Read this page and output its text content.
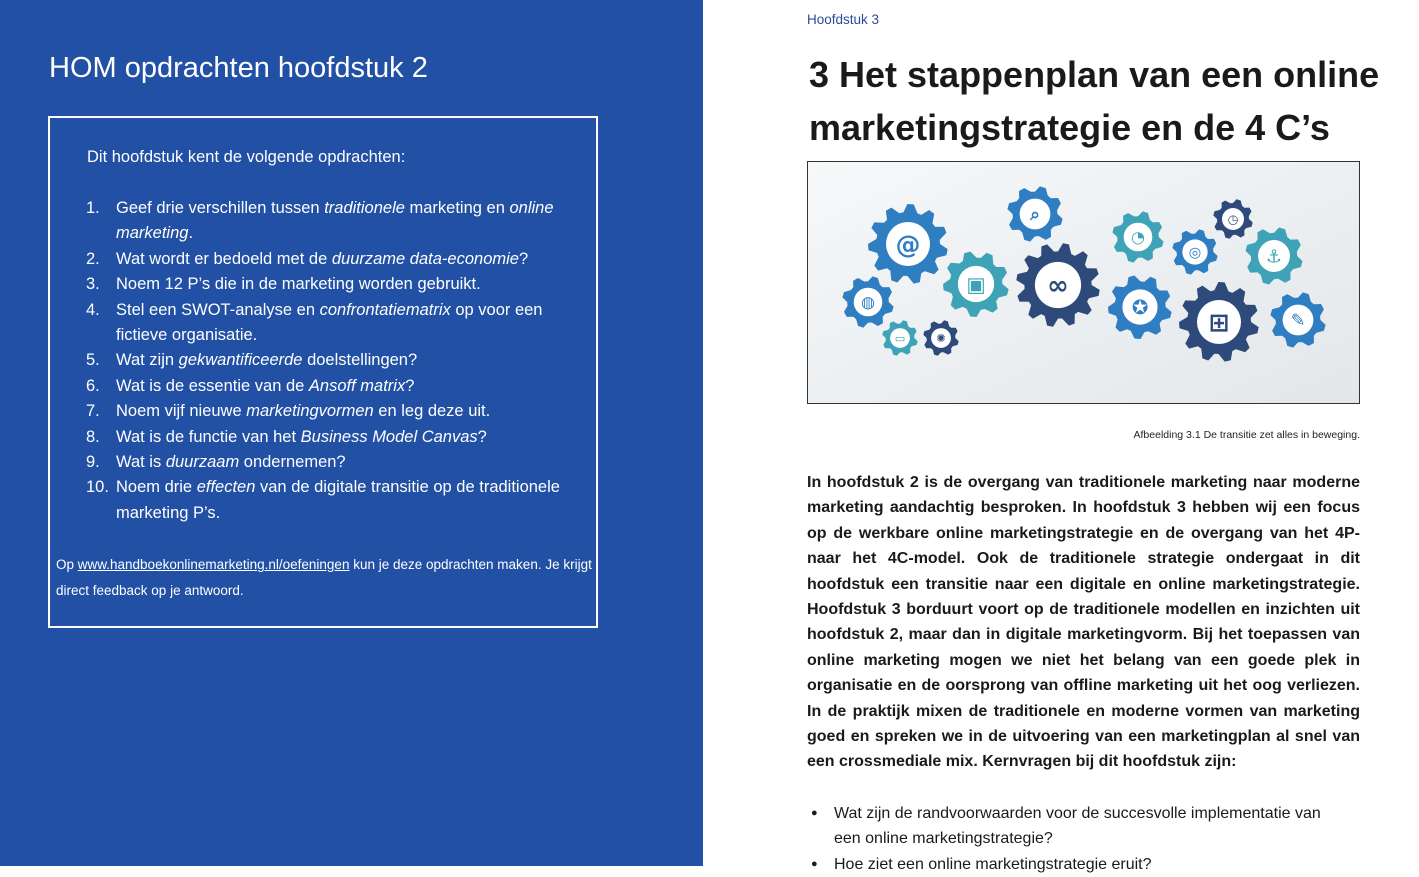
HOM opdrachten hoofdstuk 2
Dit hoofdstuk kent de volgende opdrachten:
1. Geef drie verschillen tussen traditionele marketing en online marketing.
2. Wat wordt er bedoeld met de duurzame data-economie?
3. Noem 12 P’s die in de marketing worden gebruikt.
4. Stel een SWOT-analyse en confrontatiematrix op voor een fictieve organisatie.
5. Wat zijn gekwantificeerde doelstellingen?
6. Wat is de essentie van de Ansoff matrix?
7. Noem vijf nieuwe marketingvormen en leg deze uit.
8. Wat is de functie van het Business Model Canvas?
9. Wat is duurzaam ondernemen?
10. Noem drie effecten van de digitale transitie op de traditionele marketing P’s.
Op www.handboekonlinemarketing.nl/oefeningen kun je deze opdrachten maken. Je krijgt direct feedback op je antwoord.
Hoofdstuk 3
3 Het stappenplan van een online
marketingstrategie en de 4 C’s
@
▣
◍
▭	✺
⌕
∞
◔
✪
◎
◷
⚓
⊞	✎
Afbeelding 3.1 De transitie zet alles in beweging.

In hoofdstuk 2 is de overgang van traditionele marketing naar moderne marketing aandachtig besproken. In hoofdstuk 3 hebben wij een focus op de werkbare online marketingstrategie en de overgang van het 4P- naar het 4C-model. Ook de traditionele strategie ondergaat in dit hoofdstuk een transitie naar een digitale en online marketingstrategie. Hoofdstuk 3 borduurt voort op de traditionele modellen en inzichten uit hoofdstuk 2, maar dan in digitale marketingvorm. Bij het toepassen van online marketing mogen we niet het belang van een goede plek in organisatie en de oorsprong van offline marketing uit het oog verliezen. In de praktijk mixen de traditionele en moderne vormen van marketing goed en spreken we in de uitvoering van een marketingplan al snel van een crossmediale mix. Kernvragen bij dit hoofdstuk zijn:

● Wat zijn de randvoorwaarden voor de succesvolle implementatie van een online marketingstrategie?
● Hoe ziet een online marketingstrategie eruit?
